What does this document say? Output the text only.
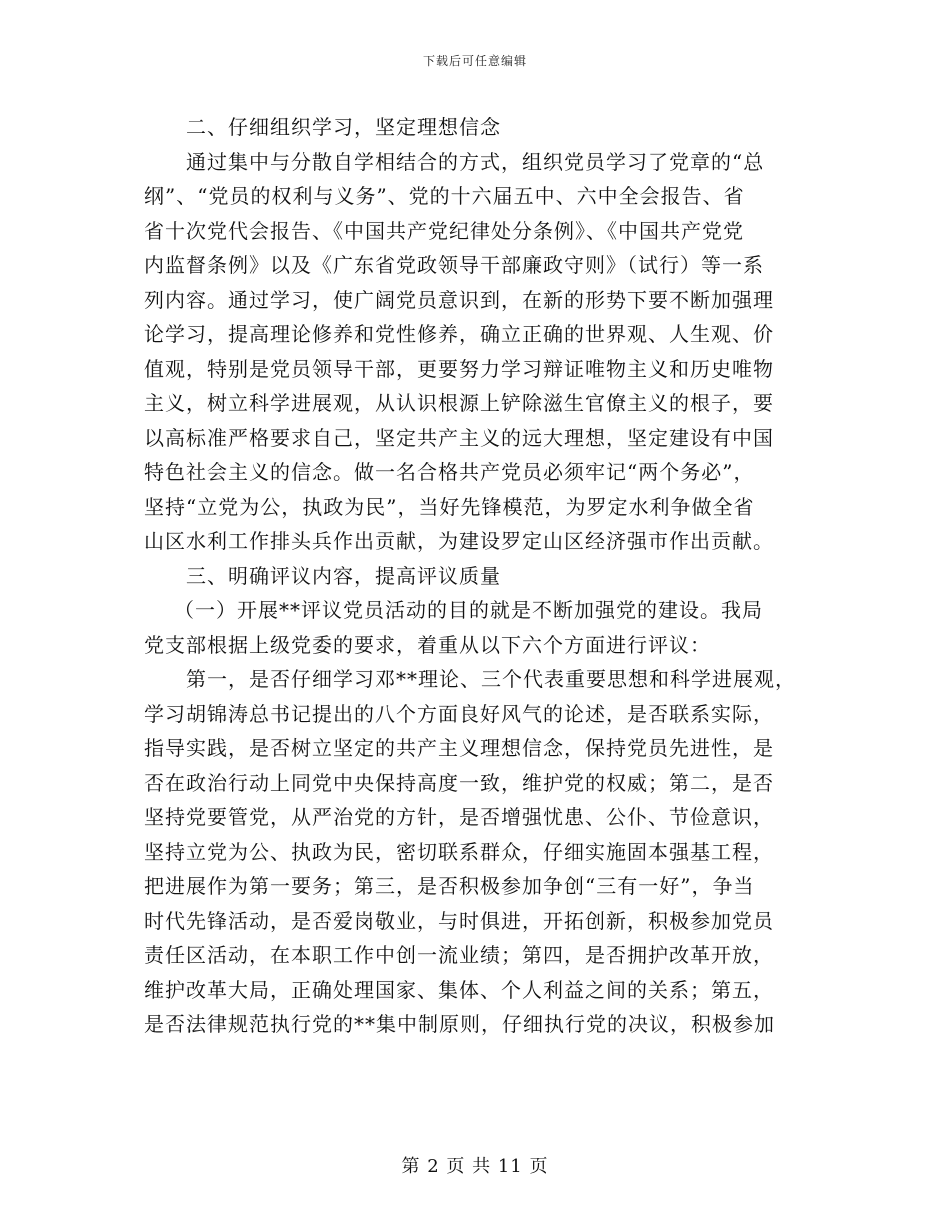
下载后可任意编辑
二、仔细组织学习，坚定理想信念
通过集中与分散自学相结合的方式，组织党员学习了党章的“总
纲”、“党员的权利与义务”、党的十六届五中、六中全会报告、省
省十次党代会报告、《中国共产党纪律处分条例》、《中国共产党党
内监督条例》以及《广东省党政领导干部廉政守则》（试行）等一系
列内容。通过学习，使广阔党员意识到，在新的形势下要不断加强理
论学习，提高理论修养和党性修养，确立正确的世界观、人生观、价
值观，特别是党员领导干部，更要努力学习辩证唯物主义和历史唯物
主义，树立科学进展观，从认识根源上铲除滋生官僚主义的根子，要
以高标准严格要求自己，坚定共产主义的远大理想，坚定建设有中国
特色社会主义的信念。做一名合格共产党员必须牢记“两个务必”，
坚持“立党为公，执政为民”，当好先锋模范，为罗定水利争做全省
山区水利工作排头兵作出贡献，为建设罗定山区经济强市作出贡献。
三、明确评议内容，提高评议质量
（一）开展**评议党员活动的目的就是不断加强党的建设。我局
党支部根据上级党委的要求，着重从以下六个方面进行评议：
第一，是否仔细学习邓**理论、三个代表重要思想和科学进展观，
学习胡锦涛总书记提出的八个方面良好风气的论述，是否联系实际，
指导实践，是否树立坚定的共产主义理想信念，保持党员先进性，是
否在政治行动上同党中央保持高度一致，维护党的权威；第二，是否
坚持党要管党，从严治党的方针，是否增强忧患、公仆、节俭意识，
坚持立党为公、执政为民，密切联系群众，仔细实施固本强基工程，
把进展作为第一要务；第三，是否积极参加争创“三有一好”，争当
时代先锋活动，是否爱岗敬业，与时俱进，开拓创新，积极参加党员
责任区活动，在本职工作中创一流业绩；第四，是否拥护改革开放，
维护改革大局，正确处理国家、集体、个人利益之间的关系；第五，
是否法律规范执行党的**集中制原则，仔细执行党的决议，积极参加
第 2 页 共 11 页
